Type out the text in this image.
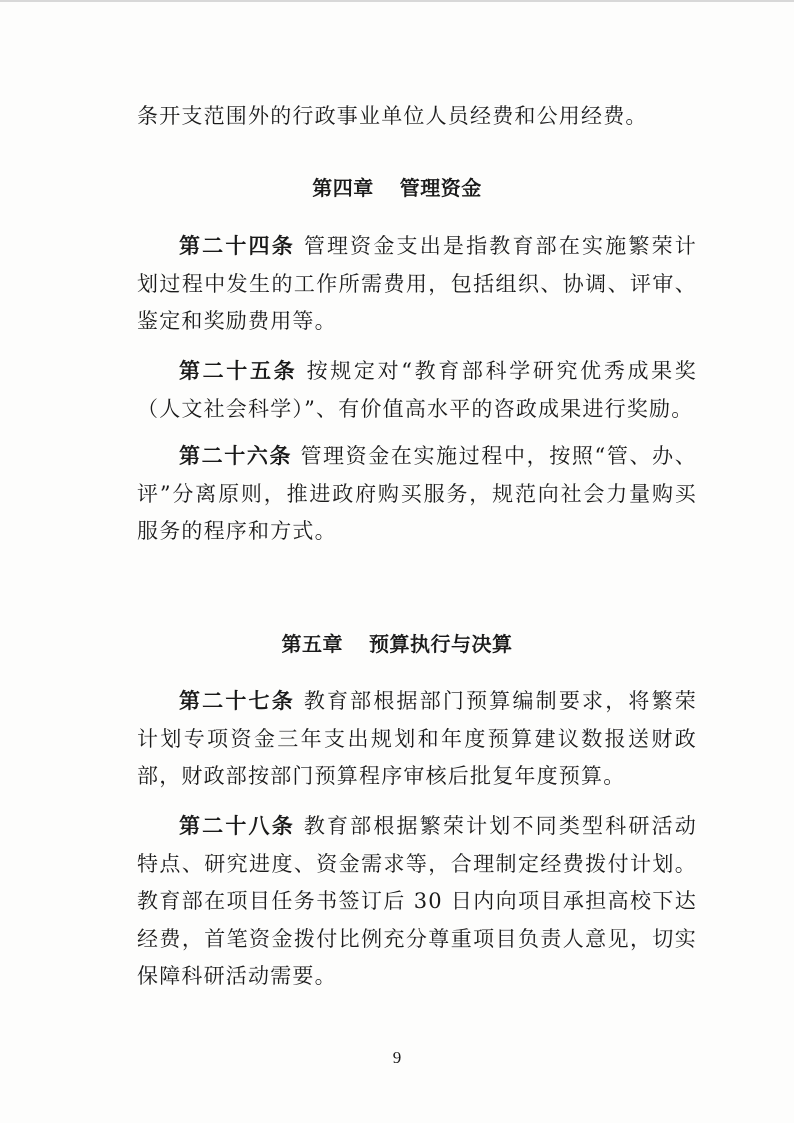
条开支范围外的行政事业单位人员经费和公用经费。

第四章 管理资金

第二十四条 管理资金支出是指教育部在实施繁荣计划过程中发生的工作所需费用，包括组织、协调、评审、鉴定和奖励费用等。

第二十五条 按规定对“教育部科学研究优秀成果奖（人文社会科学）”、有价值高水平的咨政成果进行奖励。

第二十六条 管理资金在实施过程中，按照“管、办、评”分离原则，推进政府购买服务，规范向社会力量购买服务的程序和方式。

第五章 预算执行与决算

第二十七条 教育部根据部门预算编制要求，将繁荣计划专项资金三年支出规划和年度预算建议数报送财政部，财政部按部门预算程序审核后批复年度预算。

第二十八条 教育部根据繁荣计划不同类型科研活动特点、研究进度、资金需求等，合理制定经费拨付计划。教育部在项目任务书签订后 30 日内向项目承担高校下达经费，首笔资金拨付比例充分尊重项目负责人意见，切实保障科研活动需要。

9
